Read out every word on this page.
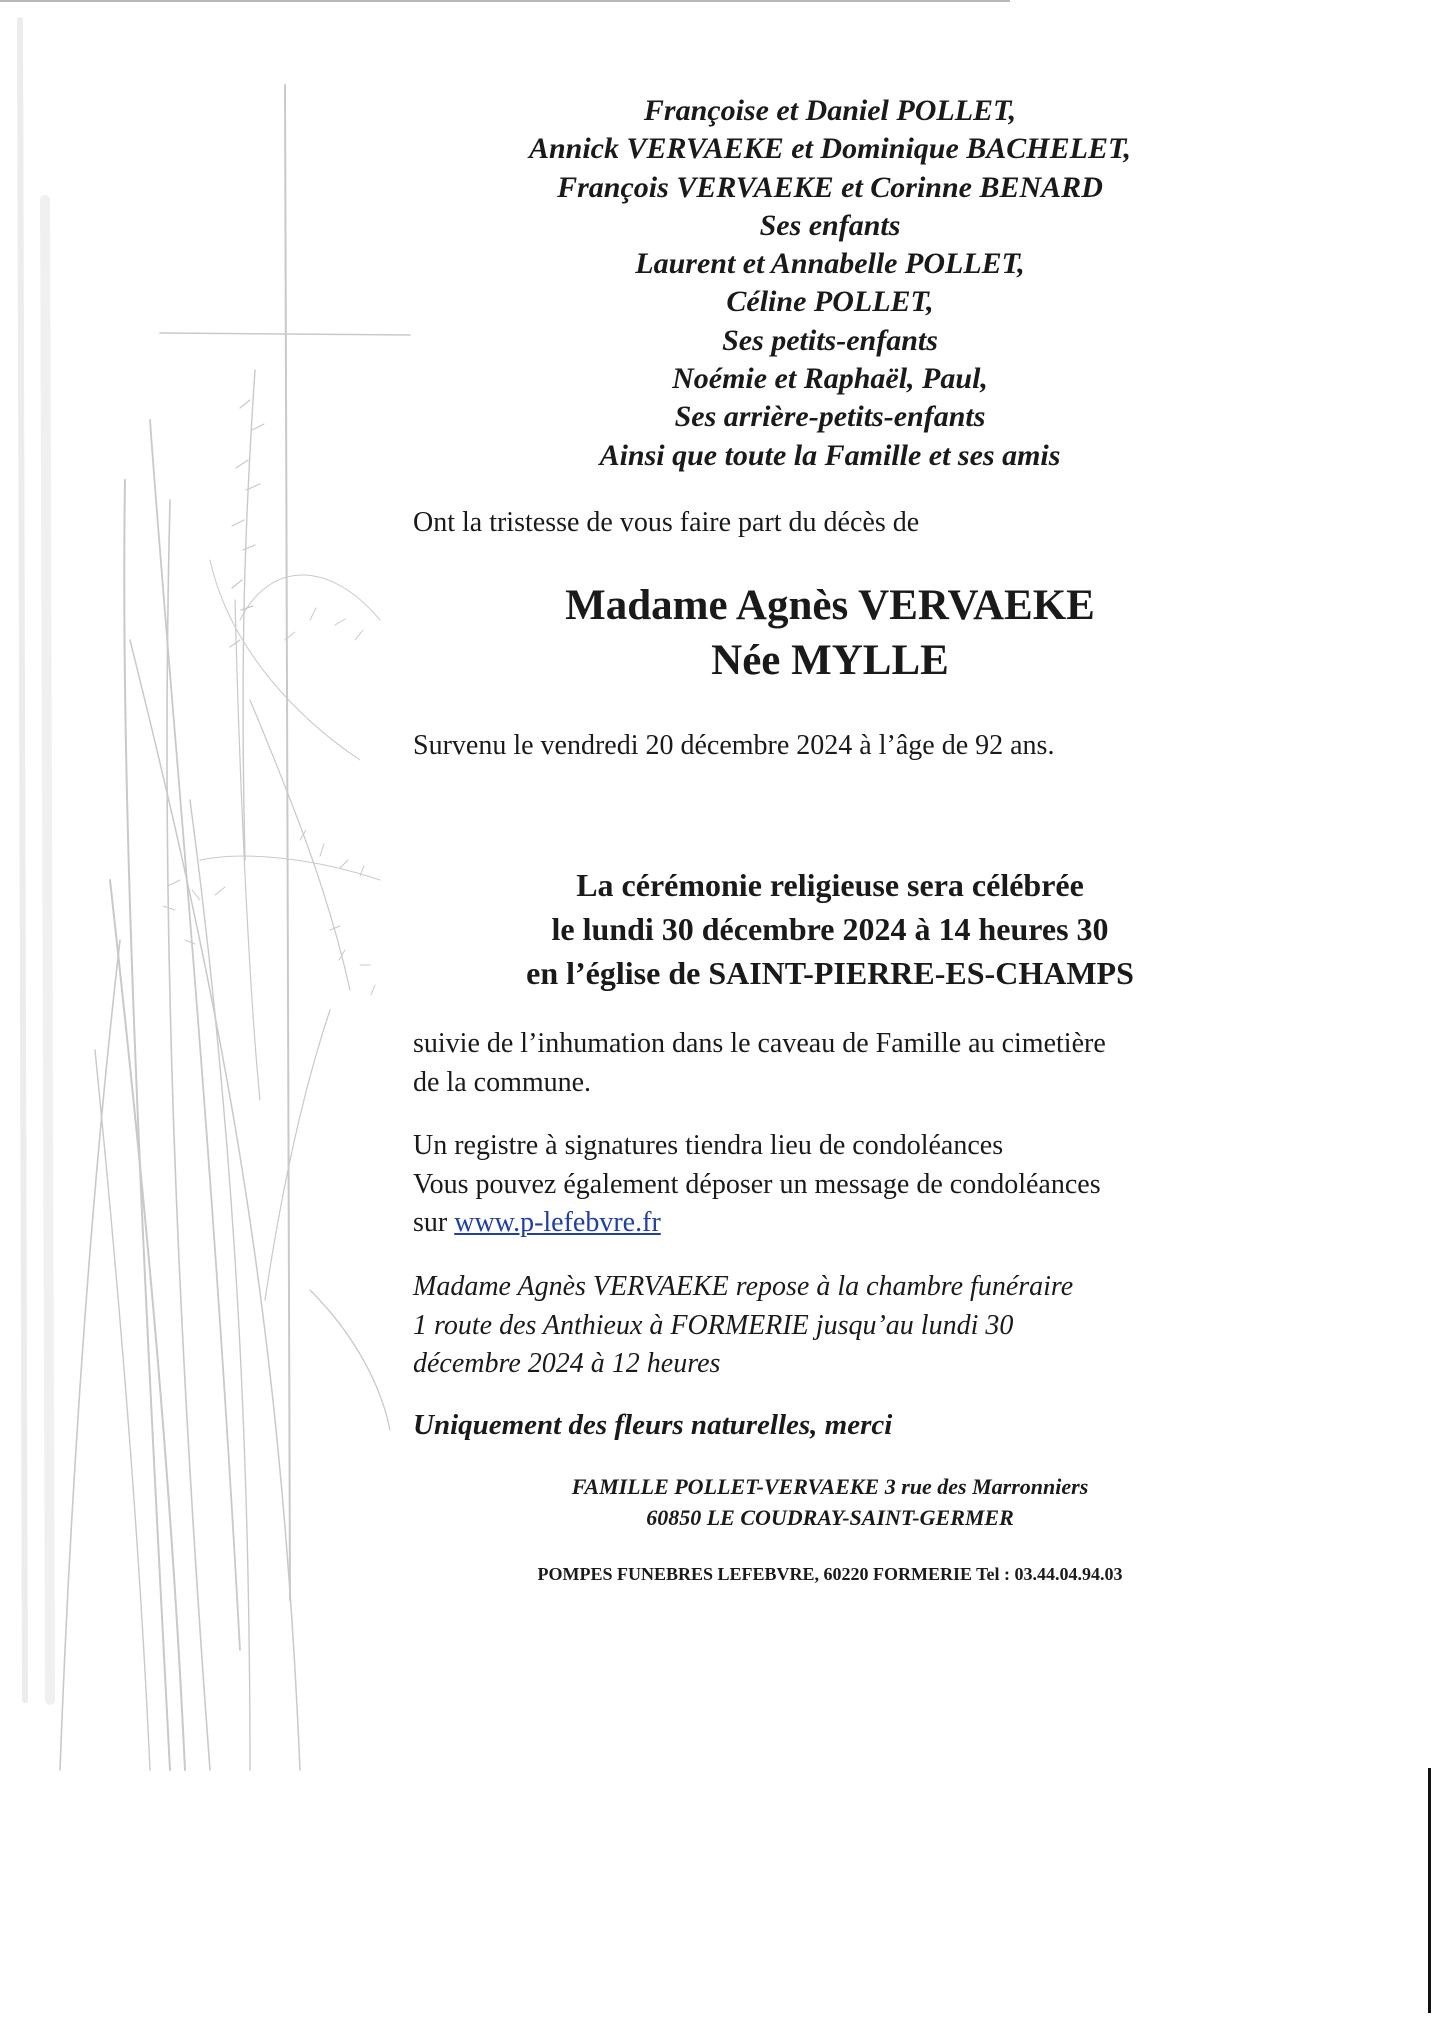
Françoise et Daniel POLLET,
Annick VERVAEKE et Dominique BACHELET,
François VERVAEKE et Corinne BENARD
Ses enfants
Laurent et Annabelle POLLET,
Céline POLLET,
Ses petits-enfants
Noémie et Raphaël, Paul,
Ses arrière-petits-enfants
Ainsi que toute la Famille et ses amis
Ont la tristesse de vous faire part du décès de
Madame Agnès VERVAEKE
Née MYLLE
Survenu le vendredi 20 décembre 2024 à l’âge de 92 ans.
La cérémonie religieuse sera célébrée
le lundi 30 décembre 2024 à 14 heures 30
en l’église de SAINT-PIERRE-ES-CHAMPS
suivie de l’inhumation dans le caveau de Famille au cimetière
de la commune.
Un registre à signatures tiendra lieu de condoléances
Vous pouvez également déposer un message de condoléances
sur www.p-lefebvre.fr
Madame Agnès VERVAEKE repose à la chambre funéraire
1 route des Anthieux à FORMERIE jusqu’au lundi 30
décembre 2024 à 12 heures
Uniquement des fleurs naturelles, merci
FAMILLE POLLET-VERVAEKE 3 rue des Marronniers
60850 LE COUDRAY-SAINT-GERMER
POMPES FUNEBRES LEFEBVRE, 60220 FORMERIE Tel : 03.44.04.94.03
